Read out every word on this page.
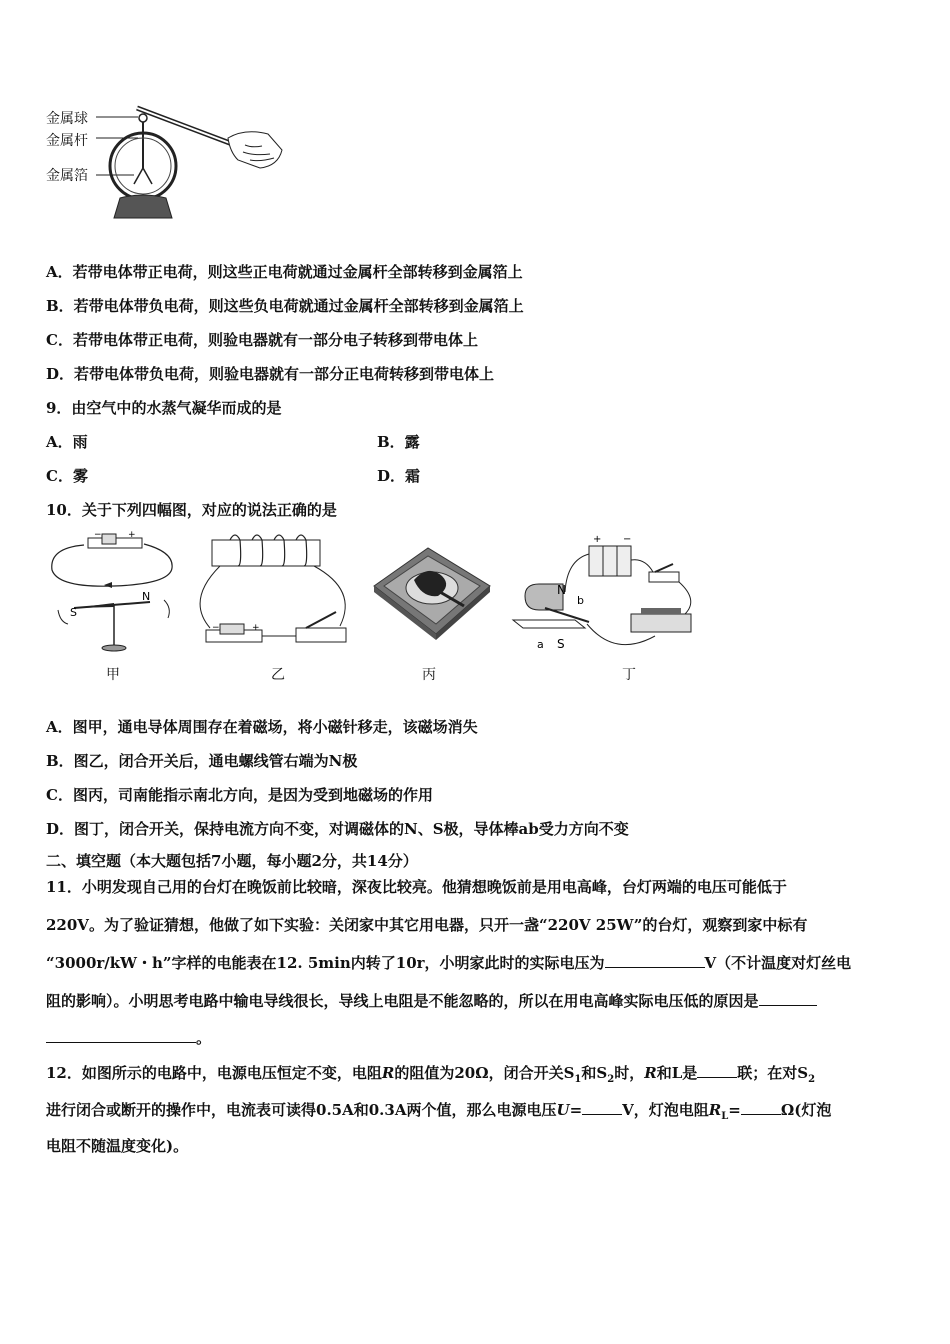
金属球
金属杆
金属箔
A．若带电体带正电荷，则这些正电荷就通过金属杆全部转移到金属箔上
B．若带电体带负电荷，则这些负电荷就通过金属杆全部转移到金属箔上
C．若带电体带正电荷，则验电器就有一部分电子转移到带电体上
D．若带电体带负电荷，则验电器就有一部分正电荷转移到带电体上
9．由空气中的水蒸气凝华而成的是
A．雨	B．露
C．雾	D．霜
10．关于下列四幅图，对应的说法正确的是
−	+
S
N
−	+
+ −
N
S
b
a
甲	乙	丙	丁
A．图甲，通电导体周围存在着磁场，将小磁针移走，该磁场消失
B．图乙，闭合开关后，通电螺线管右端为N极
C．图丙，司南能指示南北方向，是因为受到地磁场的作用
D．图丁，闭合开关，保持电流方向不变，对调磁体的N、S极，导体棒ab受力方向不变
二、填空题（本大题包括7小题，每小题2分，共14分）
11．小明发现自己用的台灯在晚饭前比较暗，深夜比较亮。他猜想晚饭前是用电高峰，台灯两端的电压可能低于
220V。为了验证猜想，他做了如下实验：关闭家中其它用电器，只开一盏“220V 25W”的台灯，观察到家中标有
“3000r/kW・h”字样的电能表在12. 5min内转了10r，小明家此时的实际电压为	V（不计温度对灯丝电
阻的影响）。小明思考电路中输电导线很长，导线上电阻是不能忽略的，所以在用电高峰实际电压低的原因是
。
12．如图所示的电路中，电源电压恒定不变，电阻R的阻值为20Ω，闭合开关$S_1$和$S_2$时，R和L是	联；在对$S_2$
进行闭合或断开的操作中，电流表可读得0.5A和0.3A两个值，那么电源电压U=	V，灯泡电阻$R_L=$	Ω(灯泡
电阻不随温度变化)。
